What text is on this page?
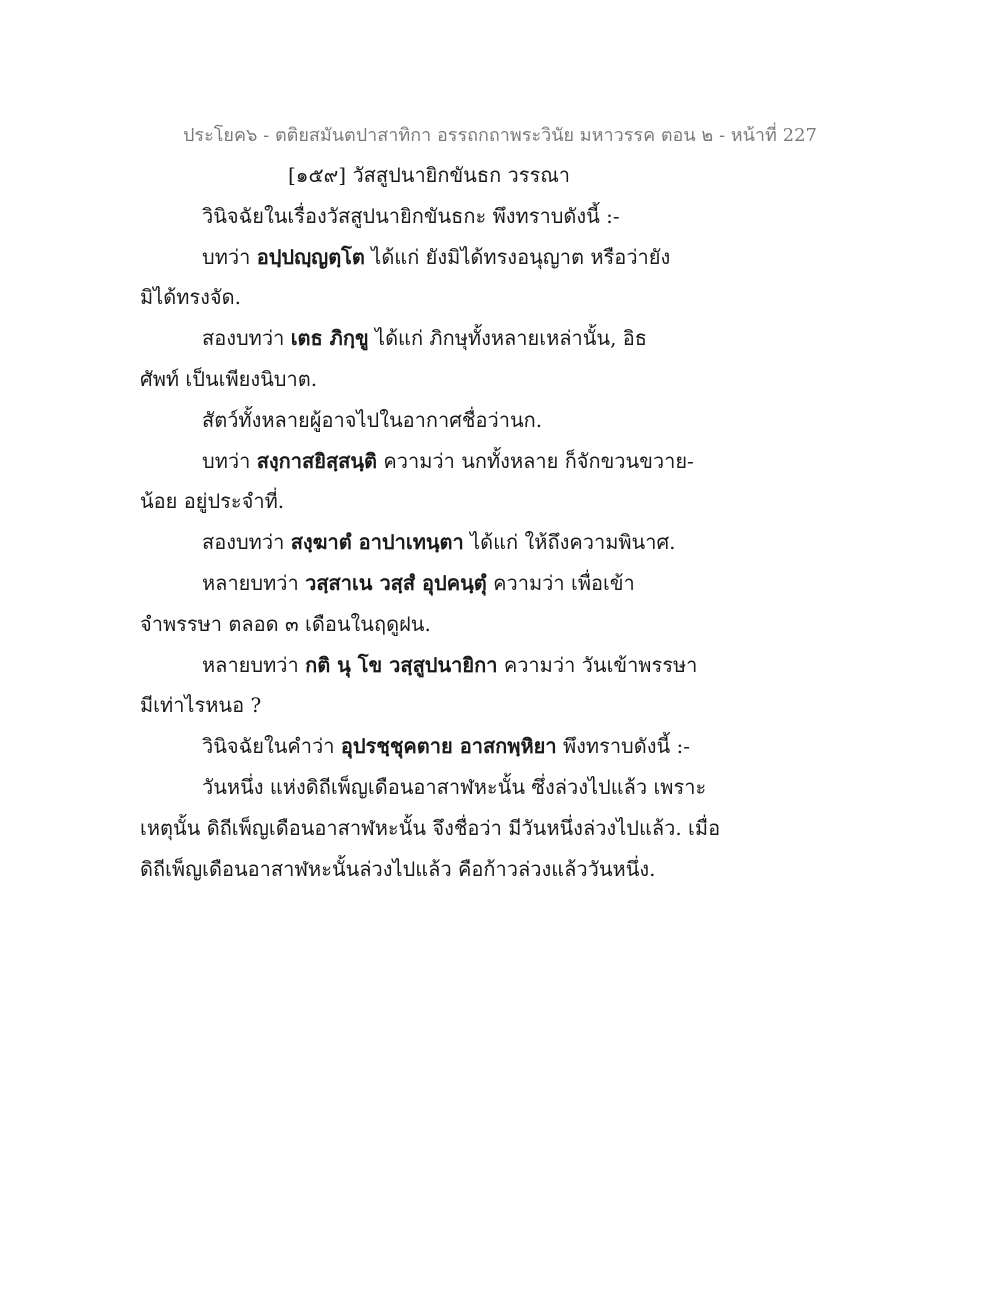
ประโยค๖ - ตติยสมันตปาสาทิกา อรรถกถาพระวินัย มหาวรรค ตอน ๒ - หน้าที่ 227
[๑๕๙] วัสสูปนายิกขันธก วรรณา
วินิจฉัยในเรื่องวัสสูปนายิกขันธกะ พึงทราบดังนี้ :-
บทว่า อปฺปญฺญตฺโต ได้แก่ ยังมิได้ทรงอนุญาต หรือว่ายัง
มิได้ทรงจัด.
สองบทว่า เตธ ภิกฺขู ได้แก่ ภิกษุทั้งหลายเหล่านั้น, อิธ
ศัพท์ เป็นเพียงนิบาต.
สัตว์ทั้งหลายผู้อาจไปในอากาศชื่อว่านก.
บทว่า สงฺกาสยิสฺสนฺติ ความว่า นกทั้งหลาย ก็จักขวนขวาย-
น้อย อยู่ประจำที่.
สองบทว่า สงฺฆาตํ อาปาเทนฺตา ได้แก่ ให้ถึงความพินาศ.
หลายบทว่า วสฺสาเน วสฺสํ อุปคนฺตุํ ความว่า เพื่อเข้า
จำพรรษา ตลอด ๓ เดือนในฤดูฝน.
หลายบทว่า กติ นุ โข วสฺสูปนายิกา ความว่า วันเข้าพรรษา
มีเท่าไรหนอ ?
วินิจฉัยในคำว่า อุปรชฺชุคตาย อาสกพฺหิยา พึงทราบดังนี้ :-
วันหนึ่ง แห่งดิถีเพ็ญเดือนอาสาฬหะนั้น ซึ่งล่วงไปแล้ว เพราะ
เหตุนั้น ดิถีเพ็ญเดือนอาสาฬหะนั้น จึงชื่อว่า มีวันหนึ่งล่วงไปแล้ว. เมื่อ
ดิถีเพ็ญเดือนอาสาฬหะนั้นล่วงไปแล้ว คือก้าวล่วงแล้ววันหนึ่ง.
